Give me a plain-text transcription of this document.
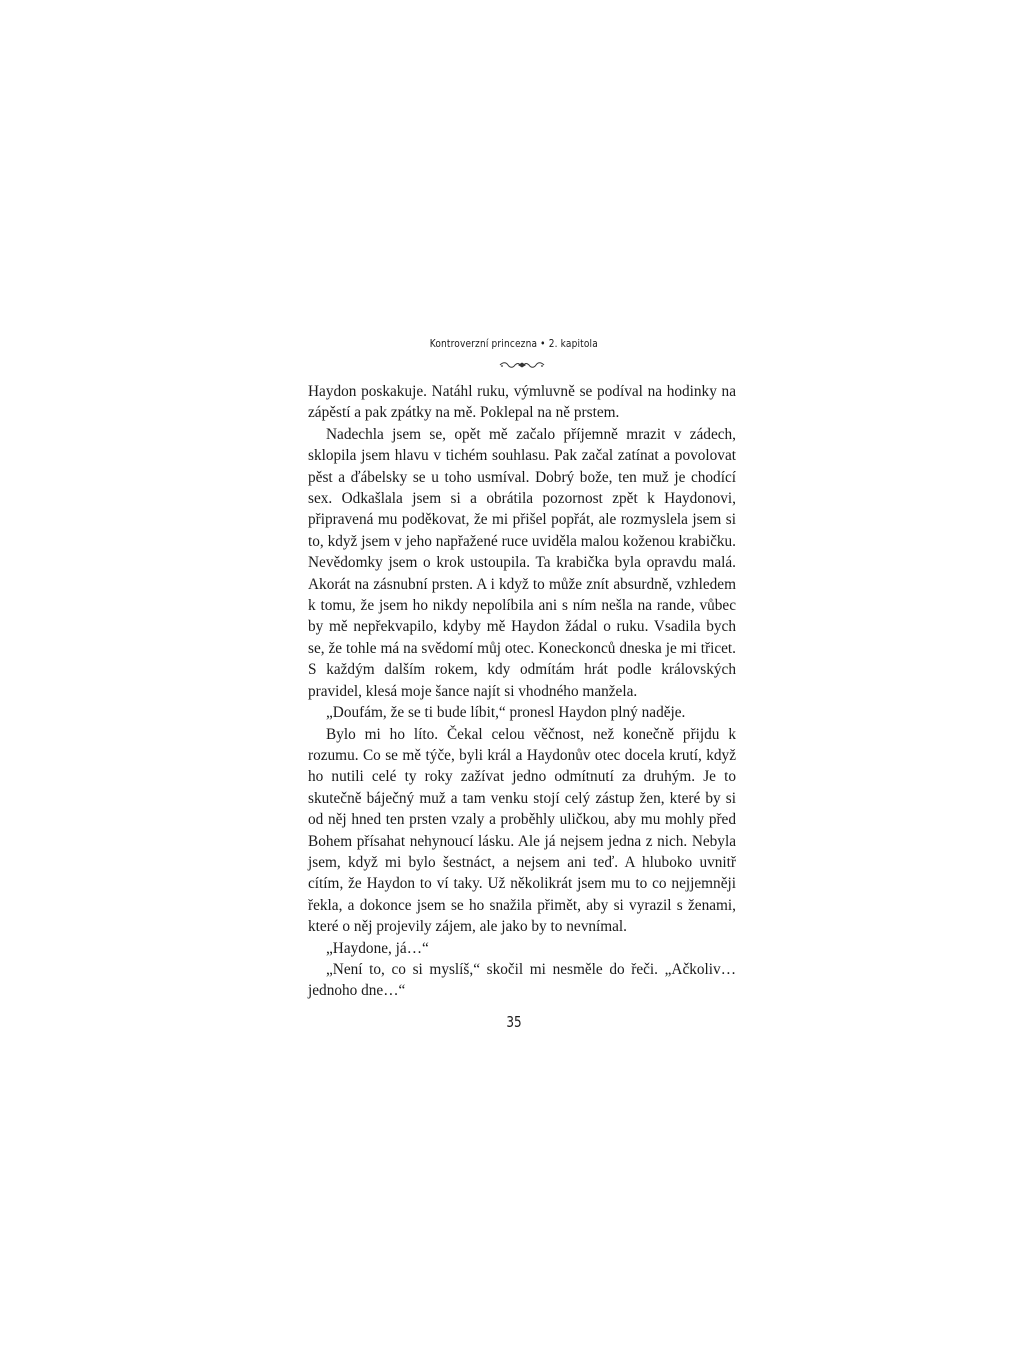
Kontroverzní princezna • 2. kapitola

Haydon poskakuje. Natáhl ruku, výmluvně se podíval na hodinky na zápěstí a pak zpátky na mě. Poklepal na ně prstem.

Nadechla jsem se, opět mě začalo příjemně mrazit v zádech, sklopila jsem hlavu v tichém souhlasu. Pak začal zatínat a povolovat pěst a ďábelsky se u toho usmíval. Dobrý bože, ten muž je chodící sex. Odkašlala jsem si a obrátila pozornost zpět k Haydonovi, připravená mu poděkovat, že mi přišel popřát, ale rozmyslela jsem si to, když jsem v jeho napřažené ruce uviděla malou koženou krabičku. Nevědomky jsem o krok ustoupila. Ta krabička byla opravdu malá. Akorát na zásnubní prsten. A i když to může znít absurdně, vzhledem k tomu, že jsem ho nikdy nepolíbila ani s ním nešla na rande, vůbec by mě nepřekvapilo, kdyby mě Haydon žádal o ruku. Vsadila bych se, že tohle má na svědomí můj otec. Koneckonců dneska je mi třicet. S každým dalším rokem, kdy odmítám hrát podle královských pravidel, klesá moje šance najít si vhodného manžela.

„Doufám, že se ti bude líbit,“ pronesl Haydon plný naděje.

Bylo mi ho líto. Čekal celou věčnost, než konečně přijdu k rozumu. Co se mě týče, byli král a Haydonův otec docela krutí, když ho nutili celé ty roky zažívat jedno odmítnutí za druhým. Je to skutečně báječný muž a tam venku stojí celý zástup žen, které by si od něj hned ten prsten vzaly a proběhly uličkou, aby mu mohly před Bohem přísahat nehynoucí lásku. Ale já nejsem jedna z nich. Nebyla jsem, když mi bylo šestnáct, a nejsem ani teď. A hluboko uvnitř cítím, že Haydon to ví taky. Už několikrát jsem mu to co nejjemněji řekla, a dokonce jsem se ho snažila přimět, aby si vyrazil s ženami, které o něj projevily zájem, ale jako by to nevnímal.

„Haydone, já…“

„Není to, co si myslíš,“ skočil mi nesměle do řeči. „Ačkoliv… jednoho dne…“

35
